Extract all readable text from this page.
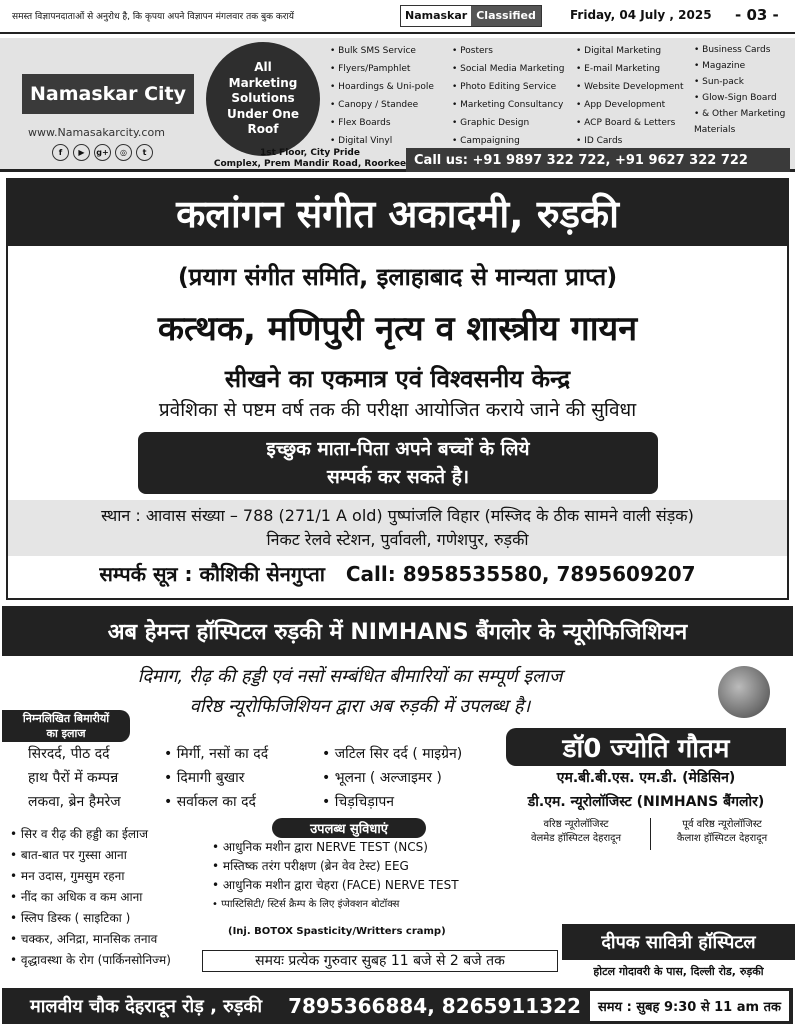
समस्त विज्ञापनदाताओं से अनुरोध है, कि कृपया अपने विज्ञापन मंगलवार तक बुक करायें	Namaskar Classified	Friday, 04 July , 2025 - 03 -
Namaskar City
www.Namasakarcity.com
f	▶	g+	◎	t
All Marketing Solutions Under One Roof
1st Floor, City Pride
Complex, Prem Mandir Road, Roorkee
• Bulk SMS Service
• Flyers/Pamphlet
• Hoardings & Uni-pole
• Canopy / Standee
• Flex Boards
• Digital Vinyl
• Posters
• Social Media Marketing
• Photo Editing Service
• Marketing Consultancy
• Graphic Design
• Campaigning
• Digital Marketing
• E-mail Marketing
• Website Development
• App Development
• ACP Board & Letters
• ID Cards
• Business Cards
• Magazine
• Sun-pack
• Glow-Sign Board
• & Other Marketing Materials
Call us: +91 9897 322 722, +91 9627 322 722
कलांगन संगीत अकादमी, रुड़की
(प्रयाग संगीत समिति, इलाहाबाद से मान्यता प्राप्त)
कत्थक, मणिपुरी नृत्य व शास्त्रीय गायन
सीखने का एकमात्र एवं विश्वसनीय केन्द्र
प्रवेशिका से पष्टम वर्ष तक की परीक्षा आयोजित कराये जाने की सुविधा
इच्छुक माता-पिता अपने बच्चों के लिये
सम्पर्क कर सकते है।
स्थान : आवास संख्या – 788 (271/1 A old) पुष्पांजलि विहार (मस्जिद के ठीक सामने वाली संड़क)
निकट रेलवे स्टेशन, पुर्वावली, गणेशपुर, रुड़की
सम्पर्क सूत्र : कौशिकी सेनगुप्ता Call: 8958535580, 7895609207
अब हेमन्त हॉस्पिटल रुड़की में NIMHANS बैंगलोर के न्यूरोफिजिशियन
दिमाग, रीढ़ की हड्डी एवं नसों सम्बंधित बीमारियों का सम्पूर्ण इलाज
वरिष्ठ न्यूरोफिजिशियन द्वारा अब रुड़की में उपलब्ध है।
निम्नलिखित बिमारीयों
का इलाज
सिरदर्द, पीठ दर्द
हाथ पैरों में कम्पन्न
लकवा, ब्रेन हैमरेज
• मिर्गी, नसों का दर्द
• दिमागी बुखार
• सर्वाकल का दर्द
• जटिल सिर दर्द ( माइग्रेन)
• भूलना ( अल्जाइमर )
• चिड़चिड़ापन
• सिर व रीढ़ की हड्डी का ईलाज
• बात-बात पर गुस्सा आना
• मन उदास, गुमसुम रहना
• नींद का अधिक व कम आना
• स्लिप डिस्क ( साइटिका )
• चक्कर, अनिद्रा, मानसिक तनाव
• वृद्धावस्था के रोग (पार्किनसोनिज्म)
डॉ0 ज्योति गौतम
एम.बी.बी.एस. एम.डी. (मेडिसिन)
डी.एम. न्यूरोलॉजिस्ट (NIMHANS बैंगलोर)
वरिष्ठ न्यूरोलॉजिस्ट
वेलमेड हॉस्पिटल देहरादून
पूर्व वरिष्ठ न्यूरोलॉजिस्ट
कैलाश हॉस्पिटल देहरादून
उपलब्ध सुविधाएं
• आधुनिक मशीन द्वारा NERVE TEST (NCS)
• मस्तिष्क तरंग परीक्षण (ब्रेन वेव टेस्ट) EEG
• आधुनिक मशीन द्वारा चेहरा (FACE) NERVE TEST
• प्पास्टिसिटी/ स्टिर्स क्रैम्प के लिए इंजेक्शन बोटॉक्स
(Inj. BOTOX Spasticity/Writters cramp)
समयः प्रत्येक गुरुवार सुबह 11 बजे से 2 बजे तक
दीपक सावित्री हॉस्पिटल
होटल गोदावरी के पास, दिल्ली रोड, रुड़की
मालवीय चौक देहरादून रोड़ , रुड़की 7895366884, 8265911322	समय : सुबह 9:30 से 11 am तक
